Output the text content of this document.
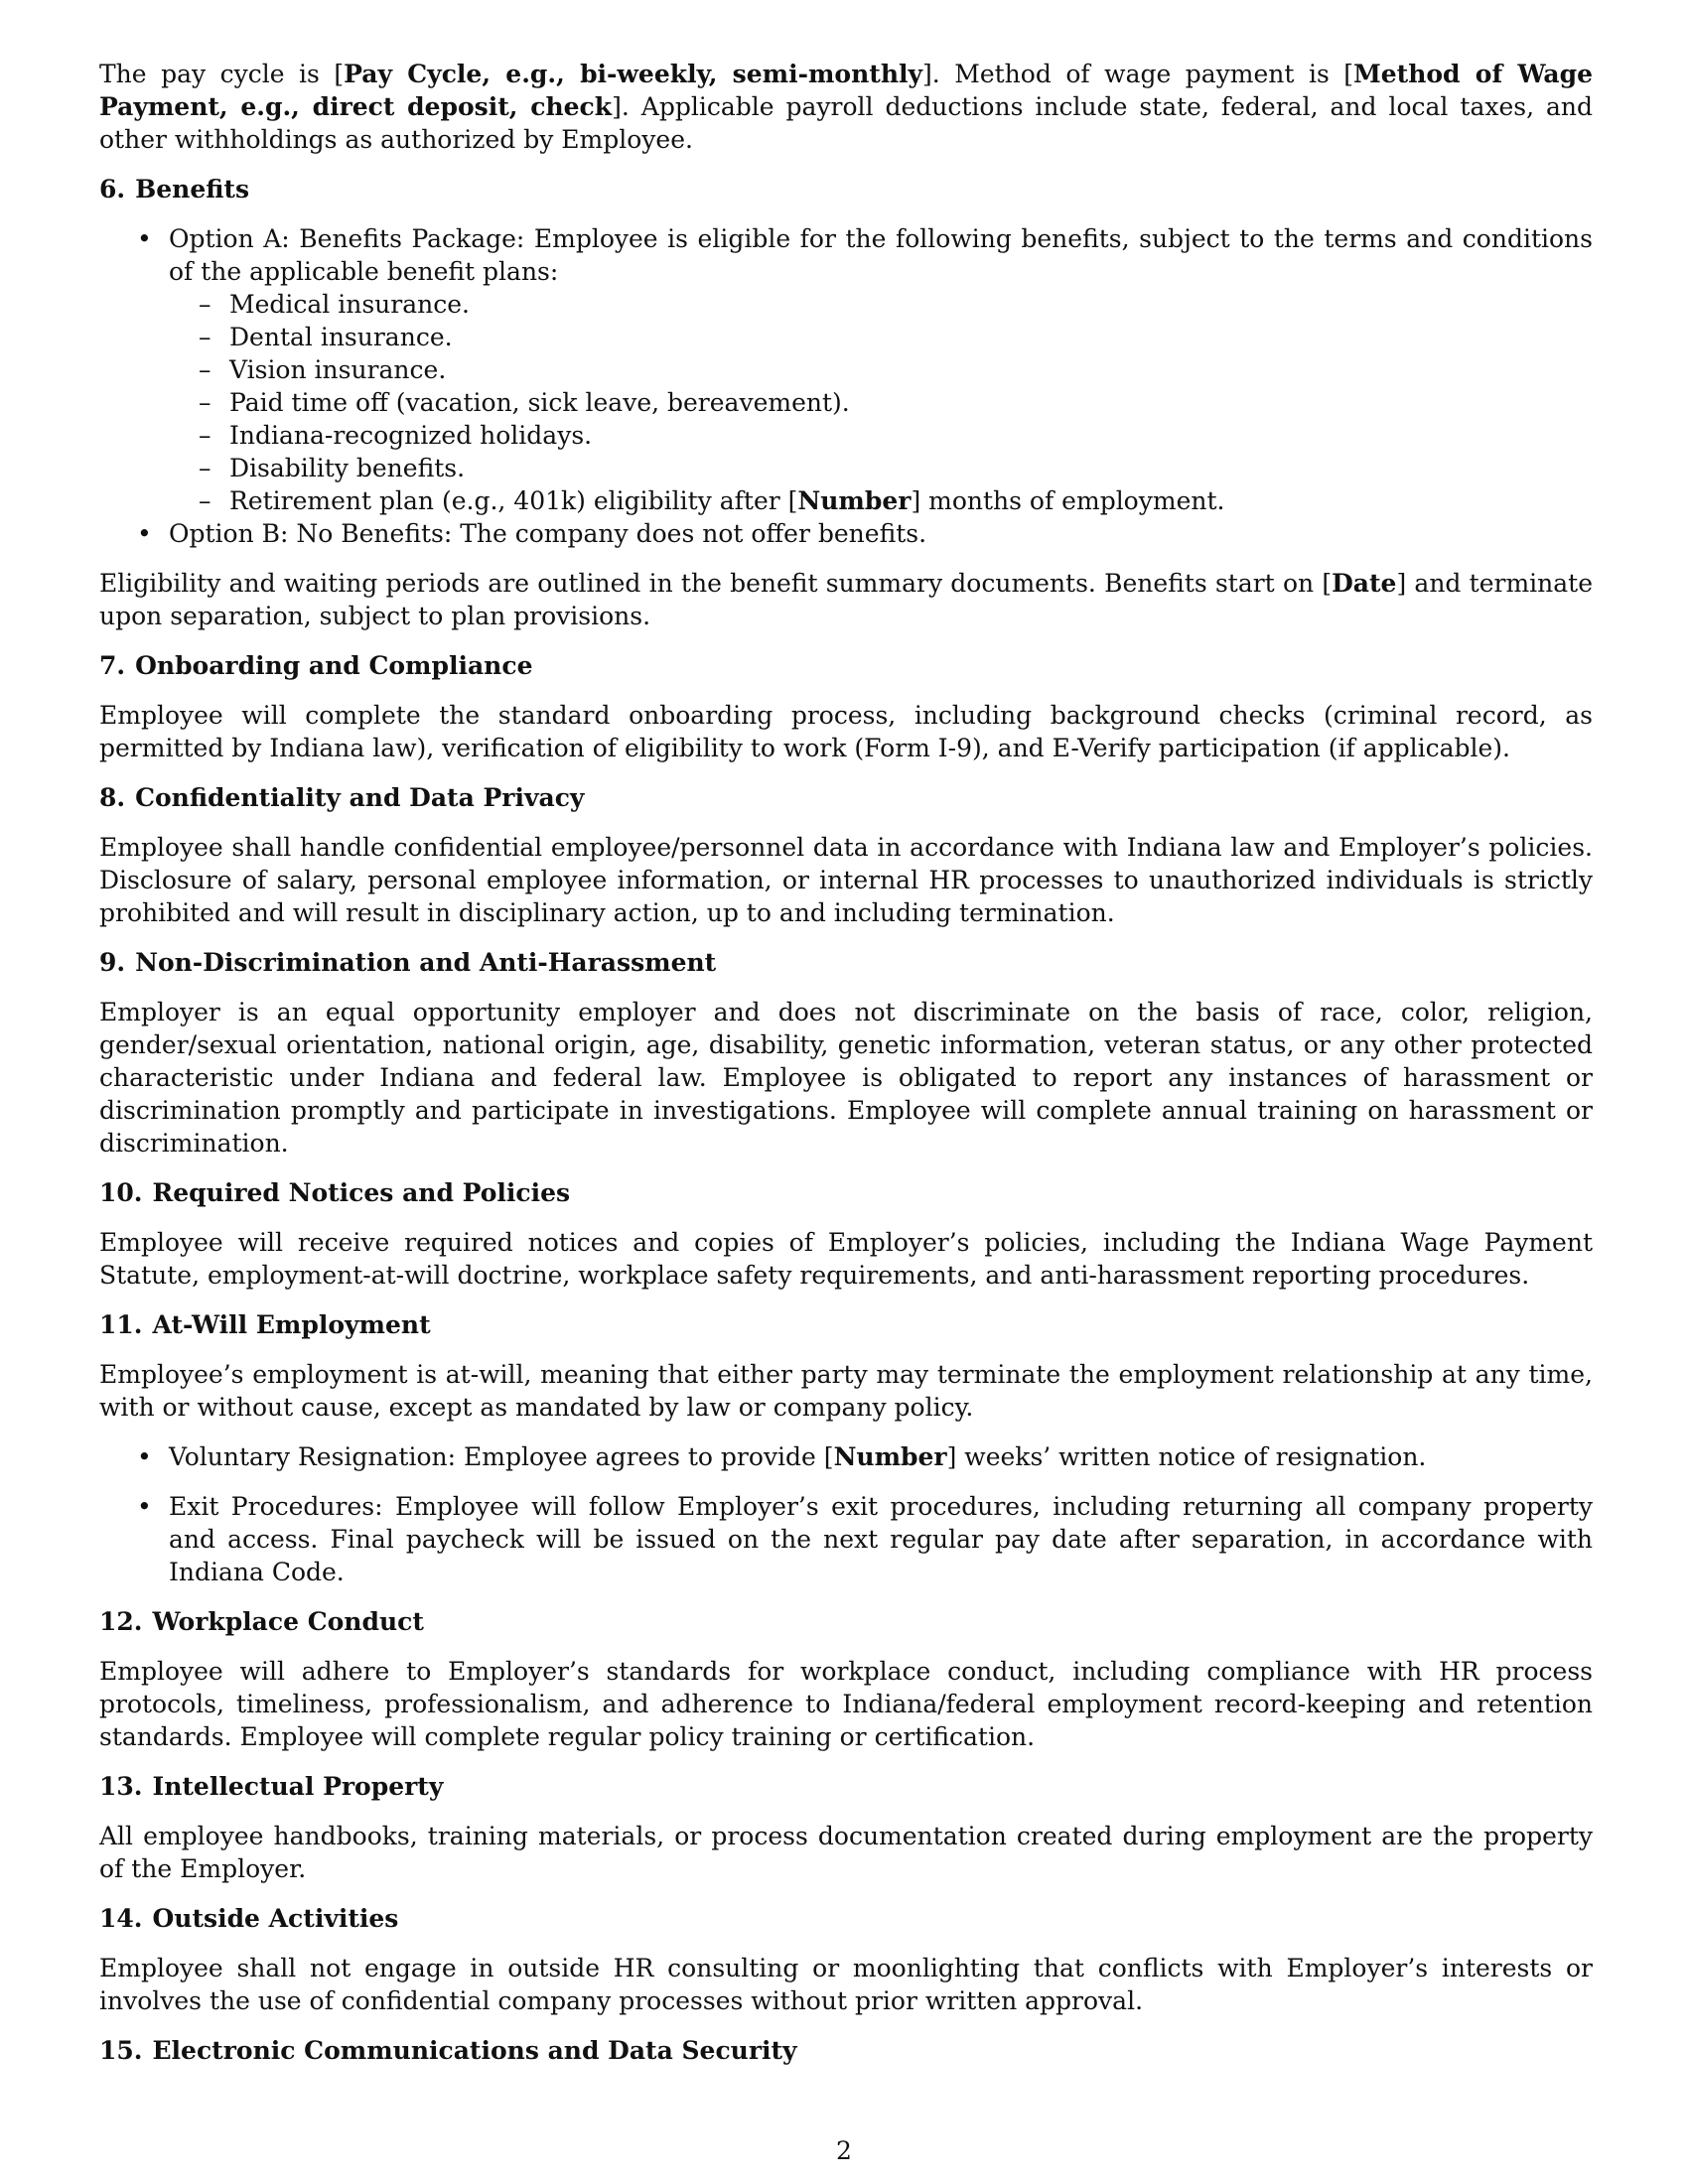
The pay cycle is [Pay Cycle, e.g., bi-weekly, semi-monthly]. Method of wage payment is [Method of Wage Payment, e.g., direct deposit, check]. Applicable payroll deductions include state, federal, and local taxes, and other withholdings as authorized by Employee.

6. Benefits
• Option A: Benefits Package: Employee is eligible for the following benefits, subject to the terms and conditions of the applicable benefit plans:
– Medical insurance.
– Dental insurance.
– Vision insurance.
– Paid time off (vacation, sick leave, bereavement).
– Indiana-recognized holidays.
– Disability benefits.
– Retirement plan (e.g., 401k) eligibility after [Number] months of employment.
• Option B: No Benefits: The company does not offer benefits.

Eligibility and waiting periods are outlined in the benefit summary documents. Benefits start on [Date] and terminate upon separation, subject to plan provisions.

7. Onboarding and Compliance

Employee will complete the standard onboarding process, including background checks (criminal record, as permitted by Indiana law), verification of eligibility to work (Form I-9), and E-Verify participation (if applicable).

8. Confidentiality and Data Privacy

Employee shall handle confidential employee/personnel data in accordance with Indiana law and Employer’s policies. Disclosure of salary, personal employee information, or internal HR processes to unauthorized individuals is strictly prohibited and will result in disciplinary action, up to and including termination.

9. Non-Discrimination and Anti-Harassment

Employer is an equal opportunity employer and does not discriminate on the basis of race, color, religion, gender/sexual orientation, national origin, age, disability, genetic information, veteran status, or any other protected characteristic under Indiana and federal law. Employee is obligated to report any instances of harassment or discrimination promptly and participate in investigations. Employee will complete annual training on harassment or discrimination.

10. Required Notices and Policies

Employee will receive required notices and copies of Employer’s policies, including the Indiana Wage Payment Statute, employment-at-will doctrine, workplace safety requirements, and anti-harassment reporting procedures.

11. At-Will Employment

Employee’s employment is at-will, meaning that either party may terminate the employment relationship at any time, with or without cause, except as mandated by law or company policy.

• Voluntary Resignation: Employee agrees to provide [Number] weeks’ written notice of resignation.
• Exit Procedures: Employee will follow Employer’s exit procedures, including returning all company property and access. Final paycheck will be issued on the next regular pay date after separation, in accordance with Indiana Code.
12. Workplace Conduct

Employee will adhere to Employer’s standards for workplace conduct, including compliance with HR process protocols, timeliness, professionalism, and adherence to Indiana/federal employment record-keeping and retention standards. Employee will complete regular policy training or certification.

13. Intellectual Property

All employee handbooks, training materials, or process documentation created during employment are the property of the Employer.

14. Outside Activities

Employee shall not engage in outside HR consulting or moonlighting that conflicts with Employer’s interests or involves the use of confidential company processes without prior written approval.

15. Electronic Communications and Data Security
2
